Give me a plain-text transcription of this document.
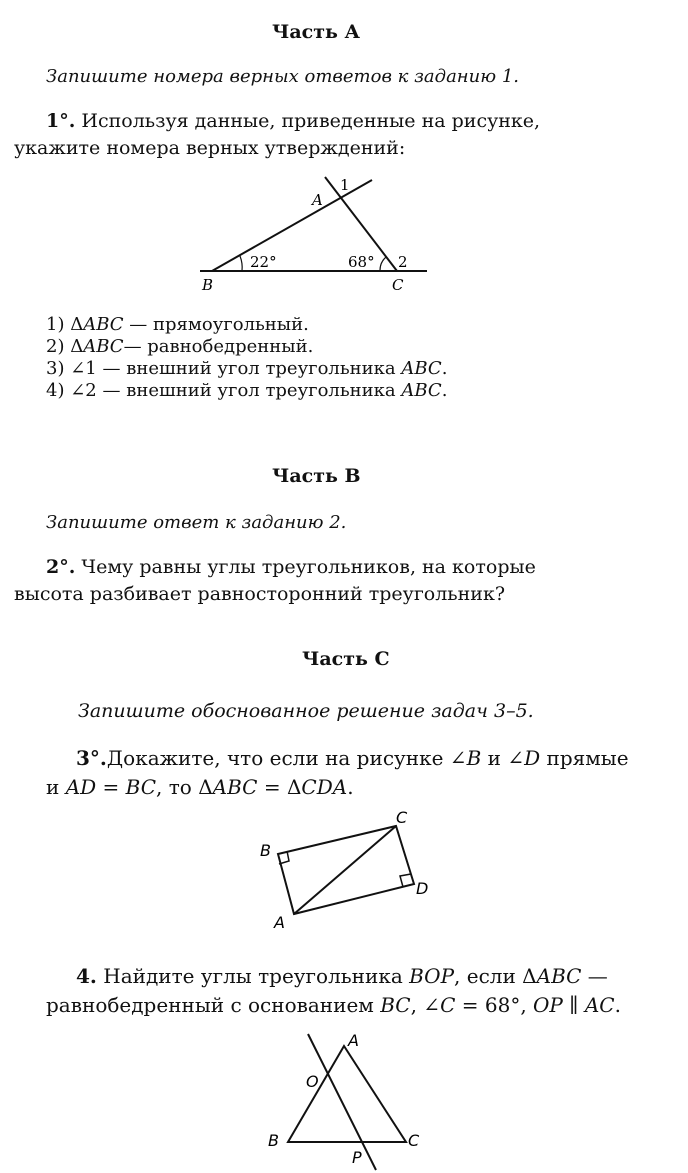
Часть А
Запишите номера верных ответов к заданию 1.
1°. Используя данные, приведенные на рисунке,
укажите номера верных утверждений:
A
1
22°	68° 2
B	C
1) ΔABC — прямоугольный.
2) ΔABC— равнобедренный.
3) ∠1 — внешний угол треугольника ABC.
4) ∠2 — внешний угол треугольника ABC.
Часть В
Запишите ответ к заданию 2.
2°. Чему равны углы треугольников, на которые
высота разбивает равносторонний треугольник?
Часть С
Запишите обоснованное решение задач 3–5.
3°.Докажите, что если на рисунке ∠B и ∠D прямые
и AD = BC, то ΔABC = ΔCDA.
B
C
D
A
4. Найдите углы треугольника BOP, если ΔABC —
равнобедренный с основанием BC, ∠C = 68°, OP ∥ AC.
A
O
B	C
P
